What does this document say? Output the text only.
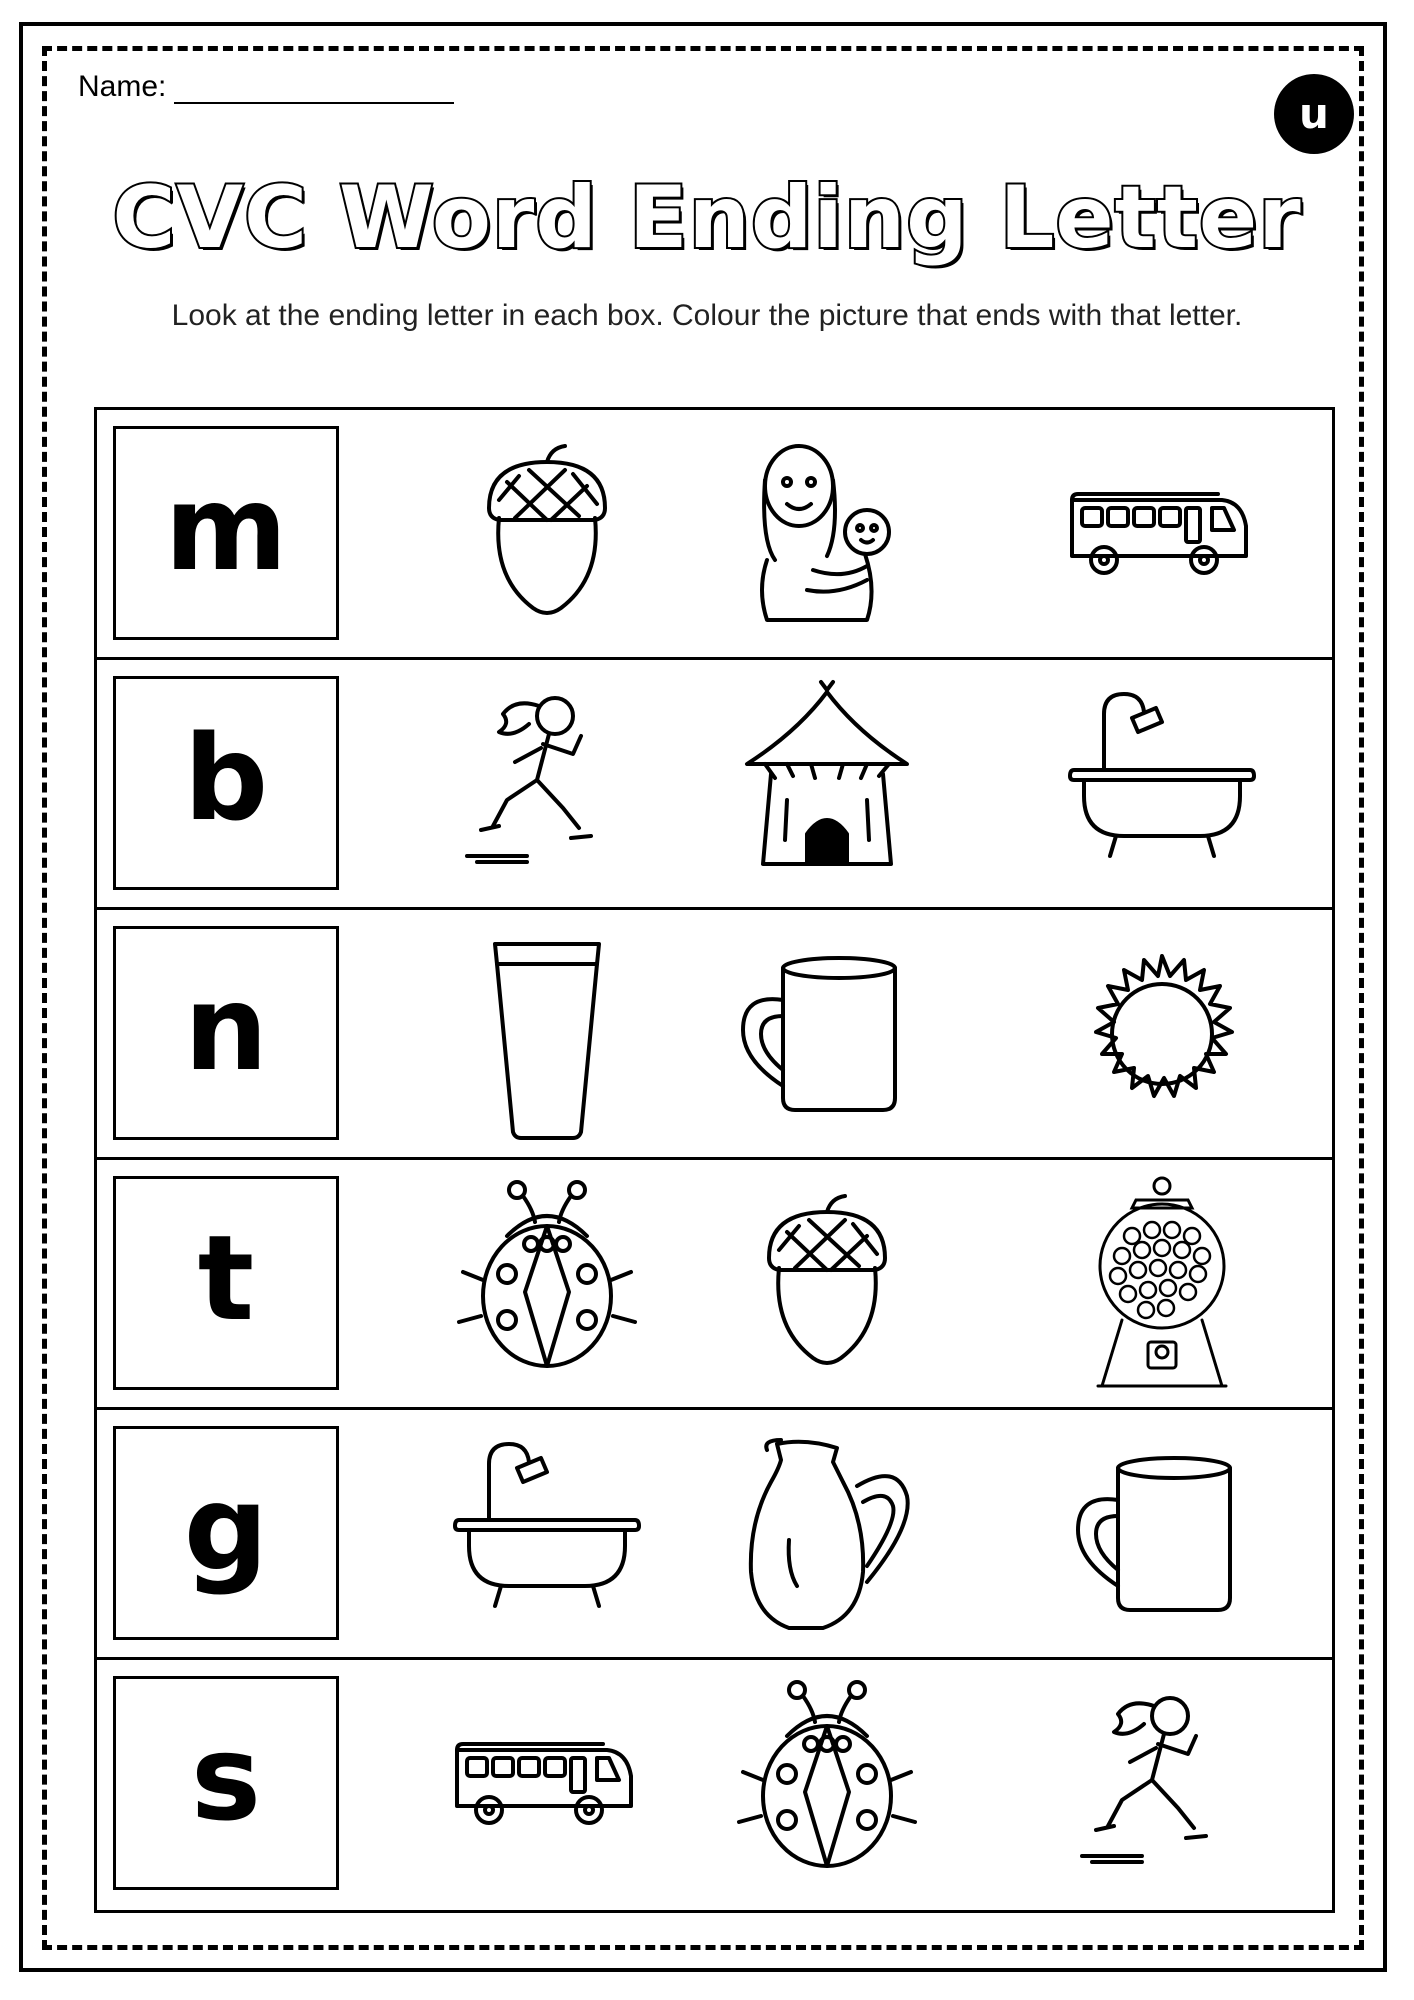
Name:
u
CVC Word Ending Letter
Look at the ending letter in each box. Colour the picture that ends with that letter.
m
b
n
t
g
s
